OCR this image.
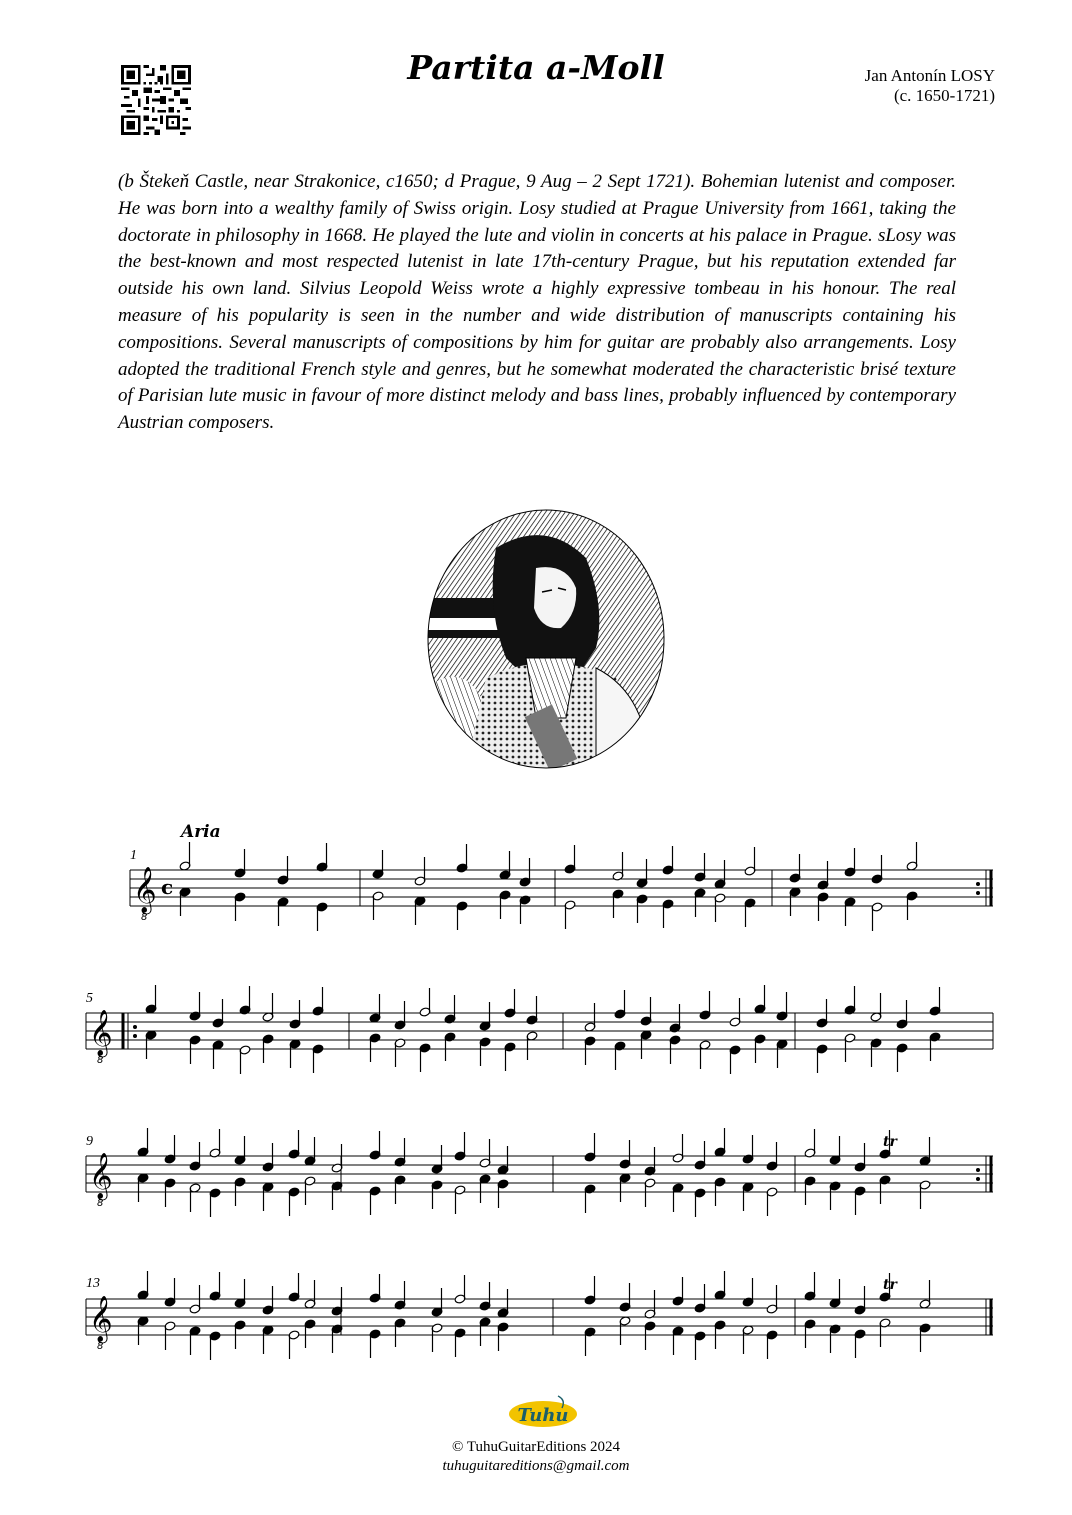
Partita a-Moll	Jan Antonín LOSY
(c. 1650-1721)
(b Štekeň Castle, near Strakonice, c1650; d Prague, 9 Aug – 2 Sept 1721). Bohemian lutenist and composer. He was born into a wealthy family of Swiss origin. Losy studied at Prague University from 1661, taking the doctorate in philosophy in 1668. He played the lute and violin in concerts at his palace in Prague. sLosy was the best-known and most respected lutenist in late 17th-century Prague, but his reputation extended far outside his own land. Silvius Leopold Weiss wrote a highly expressive tombeau in his honour. The real measure of his popularity is seen in the number and wide distribution of manuscripts containing his compositions. Several manuscripts of compositions by him for guitar are probably also arrangements. Losy adopted the traditional French style and genres, but he somewhat moderated the characteristic brisé texture of Parisian lute music in favour of more distinct melody and bass lines, probably influenced by contemporary Austrian composers.
Aria
1
5
9
13
𝄞
𝄞
𝄞
𝄞
8
8
8
8
c
tr
tr
Tuhu
© TuhuGuitarEditions 2024
tuhuguitareditions@gmail.com
